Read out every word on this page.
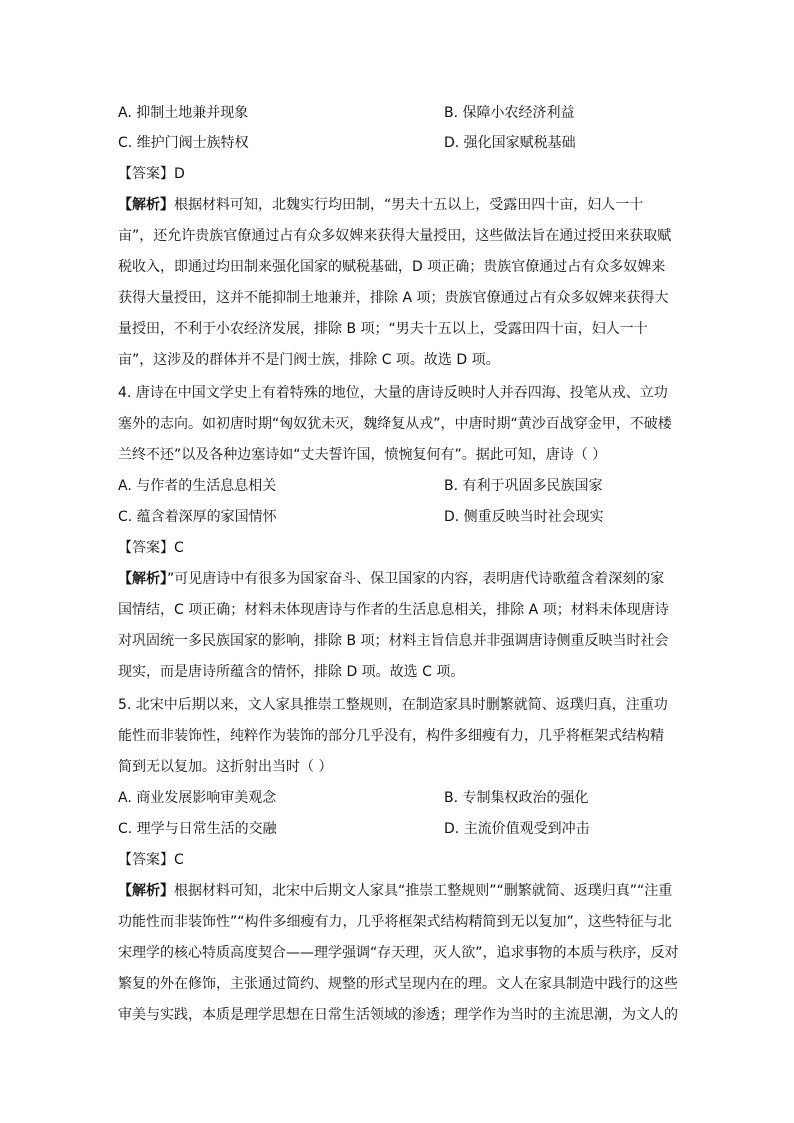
A. 抑制土地兼并现象	B. 保障小农经济利益
C. 维护门阀士族特权	D. 强化国家赋税基础
【答案】D
【解析】根据材料可知，北魏实行均田制，“男夫十五以上，受露田四十亩，妇人一十
亩”，还允许贵族官僚通过占有众多奴婢来获得大量授田，这些做法旨在通过授田来获取赋
税收入，即通过均田制来强化国家的赋税基础，D 项正确；贵族官僚通过占有众多奴婢来
获得大量授田，这并不能抑制土地兼并，排除 A 项；贵族官僚通过占有众多奴婢来获得大
量授田，不利于小农经济发展，排除 B 项；“男夫十五以上，受露田四十亩，妇人一十
亩”，这涉及的群体并不是门阀士族，排除 C 项。故选 D 项。
4. 唐诗在中国文学史上有着特殊的地位，大量的唐诗反映时人并吞四海、投笔从戎、立功
塞外的志向。如初唐时期“匈奴犹未灭，魏绛复从戎”，中唐时期“黄沙百战穿金甲，不破楼
兰终不还”以及各种边塞诗如“丈夫誓许国，愤惋复何有”。据此可知，唐诗（ ）
A. 与作者的生活息息相关	B. 有利于巩固多民族国家
C. 蕴含着深厚的家国情怀	D. 侧重反映当时社会现实
【答案】C
【解析】”可见唐诗中有很多为国家奋斗、保卫国家的内容，表明唐代诗歌蕴含着深刻的家
国情结，C 项正确；材料未体现唐诗与作者的生活息息相关，排除 A 项；材料未体现唐诗
对巩固统一多民族国家的影响，排除 B 项；材料主旨信息并非强调唐诗侧重反映当时社会
现实，而是唐诗所蕴含的情怀，排除 D 项。故选 C 项。
5. 北宋中后期以来，文人家具推崇工整规则，在制造家具时删繁就简、返璞归真，注重功
能性而非装饰性，纯粹作为装饰的部分几乎没有，构件多细瘦有力，几乎将框架式结构精
简到无以复加。这折射出当时（ ）
A. 商业发展影响审美观念	B. 专制集权政治的强化
C. 理学与日常生活的交融	D. 主流价值观受到冲击
【答案】C
【解析】根据材料可知，北宋中后期文人家具“推崇工整规则”“删繁就简、返璞归真”“注重
功能性而非装饰性”“构件多细瘦有力，几乎将框架式结构精简到无以复加”，这些特征与北
宋理学的核心特质高度契合——理学强调“存天理，灭人欲”，追求事物的本质与秩序，反对
繁复的外在修饰，主张通过简约、规整的形式呈现内在的理。文人在家具制造中践行的这些
审美与实践，本质是理学思想在日常生活领域的渗透；理学作为当时的主流思潮，为文人的
